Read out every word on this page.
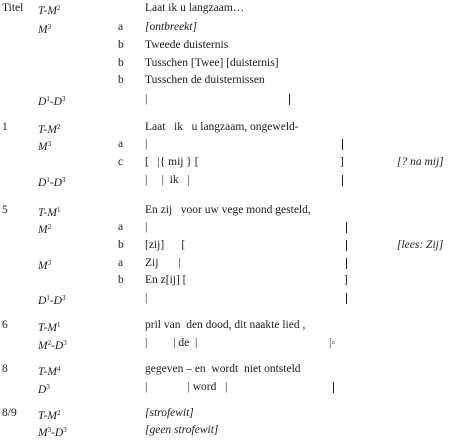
Titel $T-M^2$	Laat ik u langzaam…
$M^3$	a [ontbreekt]
b Tweede duisternis
b Tusschen [Twee] [duisternis]
b Tusschen de duisternissen
$D^1-D^3$	|
1	$T-M^2$	Laat   ik   u langzaam, ongeweld-
$M^3$	a |
c [   |{ mij } [	]	[? na mij]
$D^1-D^3$	|     |  ik   |
5	$T-M^1$	En zij   voor uw vege mond gesteld,
$M^2$	a |
b [zij]      [	[lees: Zij]
$M^3$	a Zij       |
b En z[ij] [	]
$D^1-D^3$	|
6	$T-M^1$	pril van  den dood, dit naakte lied ,
$M^2-D^3$	|         | de  |	|◦
8	$T-M^4$	gegeven – en  wordt  niet ontsteld
$D^3$	|              | word   |
8/9 $T-M^2$	[strofewit]
$M^3-D^3$	[geen strofewit]
